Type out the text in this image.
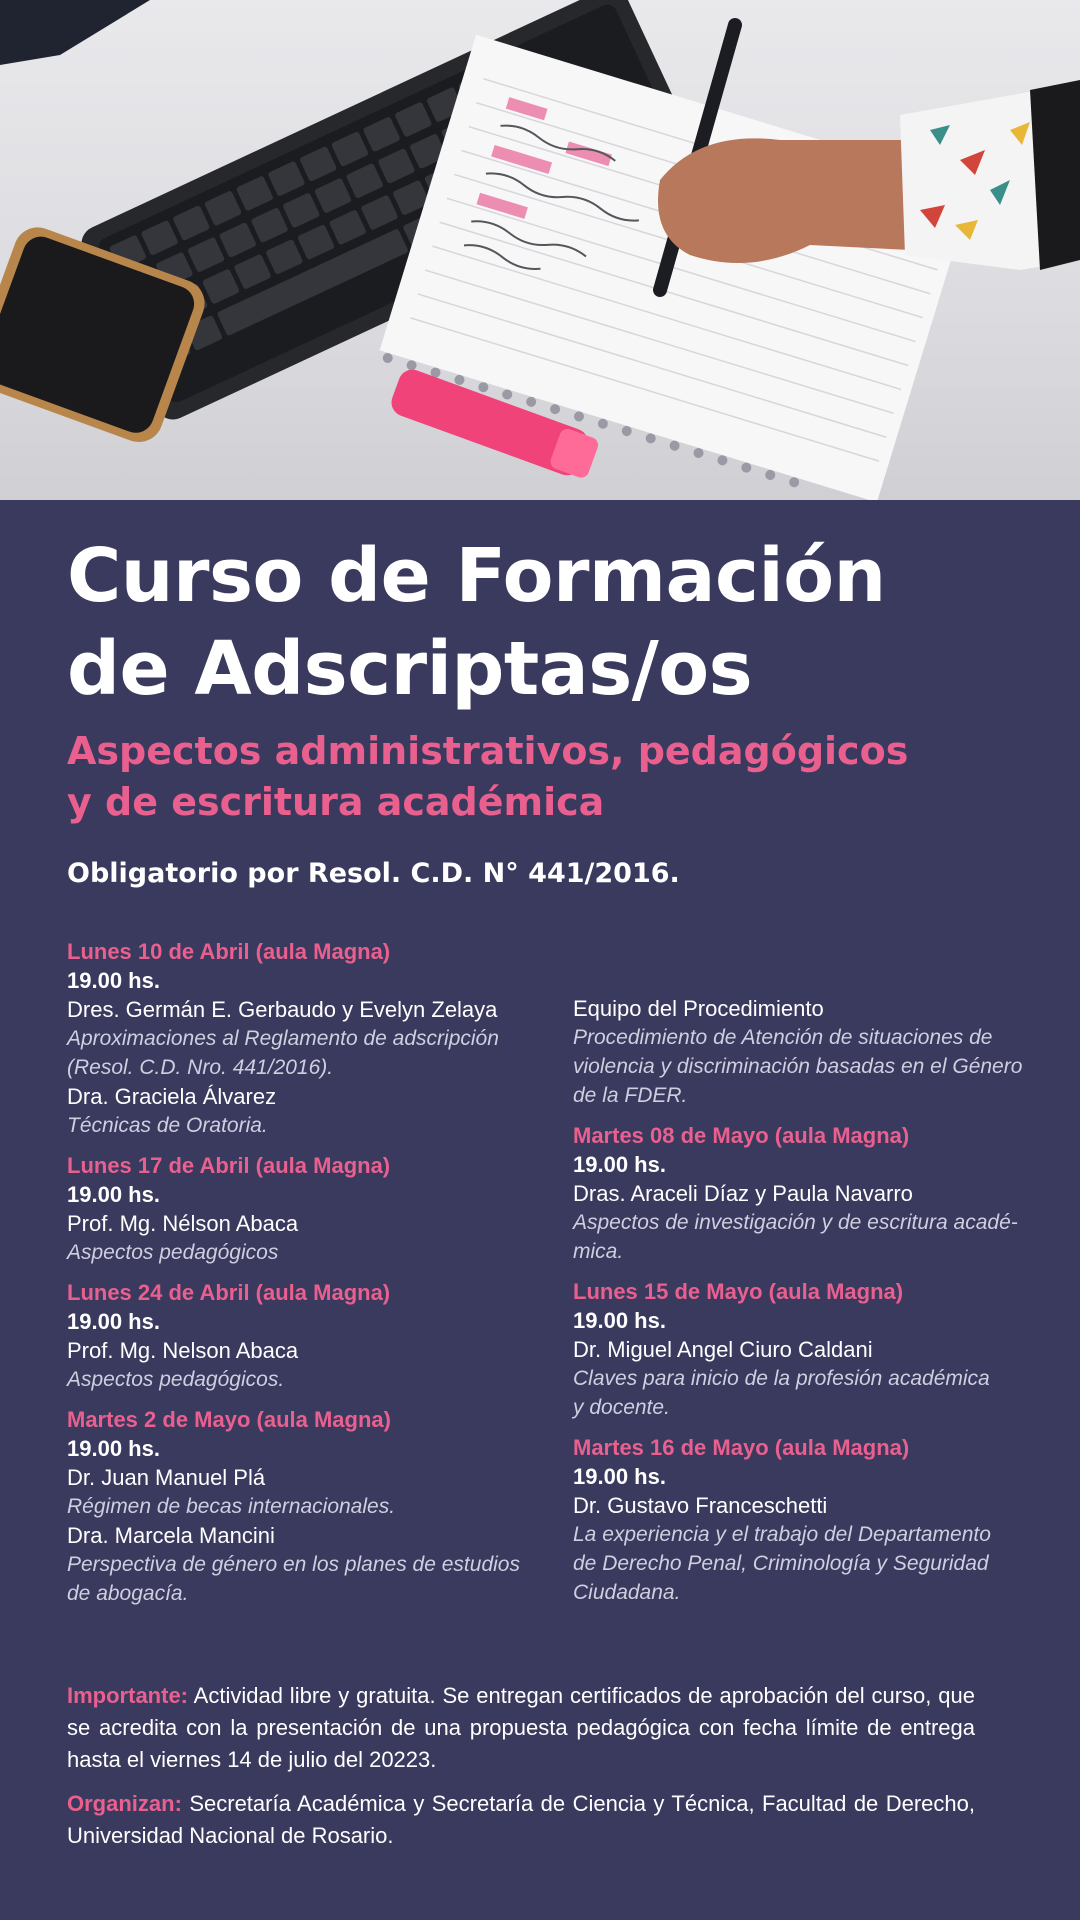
Curso de Formación
de Adscriptas/os
Aspectos administrativos, pedagógicos
y de escritura académica
Obligatorio por Resol. C.D. N° 441/2016.
Lunes 10 de Abril (aula Magna)
19.00 hs.
Dres. Germán E. Gerbaudo y Evelyn Zelaya
Aproximaciones al Reglamento de adscripción
(Resol. C.D. Nro. 441/2016).
Dra. Graciela Álvarez
Técnicas de Oratoria.
Lunes 17 de Abril (aula Magna)
19.00 hs.
Prof. Mg. Nélson Abaca
Aspectos pedagógicos
Lunes 24 de Abril (aula Magna)
19.00 hs.
Prof. Mg. Nelson Abaca
Aspectos pedagógicos.
Martes 2 de Mayo (aula Magna)
19.00 hs.
Dr. Juan Manuel Plá
Régimen de becas internacionales.
Dra. Marcela Mancini
Perspectiva de género en los planes de estudios
de abogacía.
Equipo del Procedimiento
Procedimiento de Atención de situaciones de
violencia y discriminación basadas en el Género
de la FDER.
Martes 08 de Mayo (aula Magna)
19.00 hs.
Dras. Araceli Díaz y Paula Navarro
Aspectos de investigación y de escritura acadé-
mica.
Lunes 15 de Mayo (aula Magna)
19.00 hs.
Dr. Miguel Angel Ciuro Caldani
Claves para inicio de la profesión académica
y docente.
Martes 16 de Mayo (aula Magna)
19.00 hs.
Dr. Gustavo Franceschetti
La experiencia y el trabajo del Departamento
de Derecho Penal, Criminología y Seguridad
Ciudadana.

Importante: Actividad libre y gratuita. Se entregan certificados de aprobación del curso, que se acredita con la presentación de una propuesta pedagógica con fecha límite de entrega hasta el viernes 14 de julio del 20223.

Organizan: Secretaría Académica y Secretaría de Ciencia y Técnica, Facultad de Derecho, Universidad Nacional de Rosario.
